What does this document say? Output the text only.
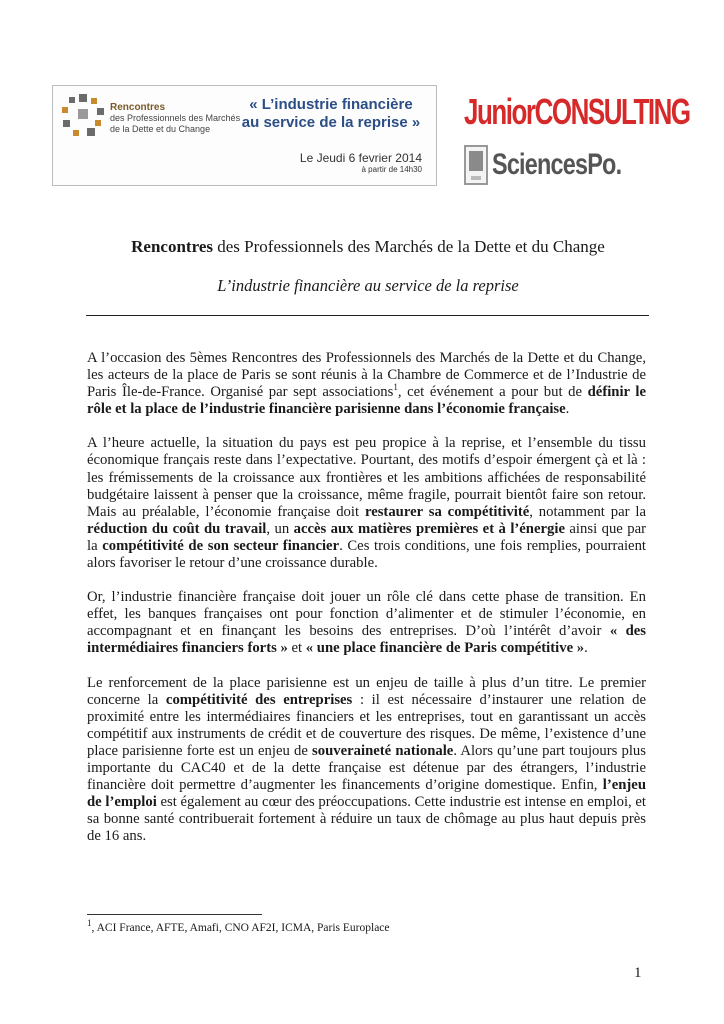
Rencontres
des Professionnels des Marchés
de la Dette et du Change
« L’industrie financière
au service de la reprise »
Le Jeudi 6 fevrier 2014
à partir de 14h30
JuniorCONSULTING
SciencesPo.
Rencontres des Professionnels des Marchés de la Dette et du Change
L’industrie financière au service de la reprise

A l’occasion des 5èmes Rencontres des Professionnels des Marchés de la Dette et du Change, les acteurs de la place de Paris se sont réunis à la Chambre de Commerce et de l’Industrie de Paris Île-de-France. Organisé par sept associations$^1$, cet événement a pour but de définir le rôle et la place de l’industrie financière parisienne dans l’économie française.

A l’heure actuelle, la situation du pays est peu propice à la reprise, et l’ensemble du tissu économique français reste dans l’expectative. Pourtant, des motifs d’espoir émergent çà et là : les frémissements de la croissance aux frontières et les ambitions affichées de responsabilité budgétaire laissent à penser que la croissance, même fragile, pourrait bientôt faire son retour. Mais au préalable, l’économie française doit restaurer sa compétitivité, notamment par la réduction du coût du travail, un accès aux matières premières et à l’énergie ainsi que par la compétitivité de son secteur financier. Ces trois conditions, une fois remplies, pourraient alors favoriser le retour d’une croissance durable.

Or, l’industrie financière française doit jouer un rôle clé dans cette phase de transition. En effet, les banques françaises ont pour fonction d’alimenter et de stimuler l’économie, en accompagnant et en finançant les besoins des entreprises. D’où l’intérêt d’avoir « des intermédiaires financiers forts » et « une place financière de Paris compétitive ».

Le renforcement de la place parisienne est un enjeu de taille à plus d’un titre. Le premier concerne la compétitivité des entreprises : il est nécessaire d’instaurer une relation de proximité entre les intermédiaires financiers et les entreprises, tout en garantissant un accès compétitif aux instruments de crédit et de couverture des risques. De même, l’existence d’une place parisienne forte est un enjeu de souveraineté nationale. Alors qu’une part toujours plus importante du CAC40 et de la dette française est détenue par des étrangers, l’industrie financière doit permettre d’augmenter les financements d’origine domestique. Enfin, l’enjeu de l’emploi est également au cœur des préoccupations. Cette industrie est intense en emploi, et sa bonne santé contribuerait fortement à réduire un taux de chômage au plus haut depuis près de 16 ans.

$^1$, ACI France, AFTE, Amafi, CNO AF2I, ICMA, Paris Europlace
1
